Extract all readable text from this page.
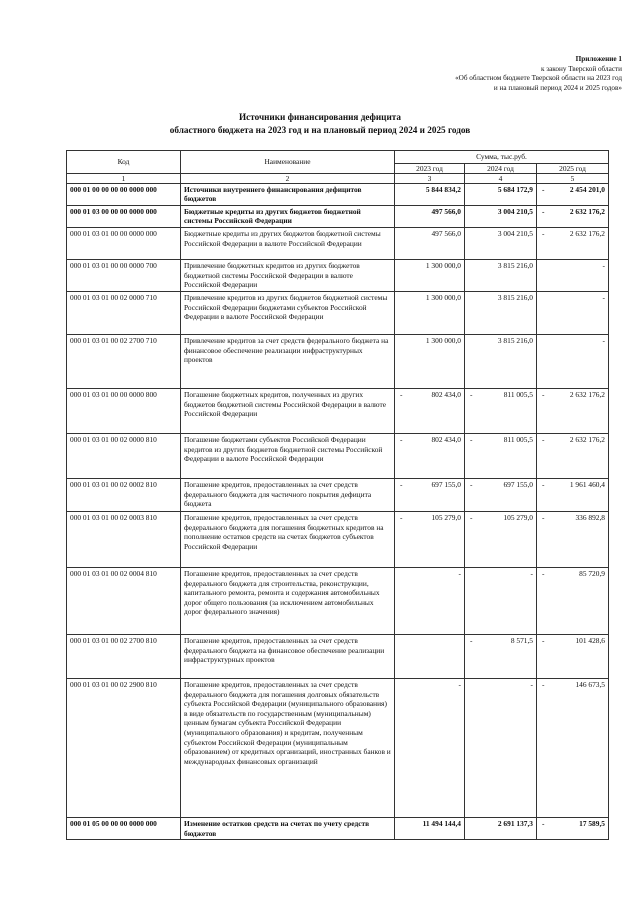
Приложение 1
к закону Тверской области
«Об областном бюджете Тверской области на 2023 год
и на плановый период 2024 и 2025 годов»
Источники финансирования дефицита
областного бюджета на 2023 год и на плановый период 2024 и 2025 годов
Код	Наименование	Сумма, тыс.руб.		
		2023 год	2024 год	2025 год
1	2	3	4	5
000 01 00 00 00 00 0000 000	Источники внутреннего финансирования дефицитов бюджетов	5 844 834,2	5 684 172,9	- 2 454 201,0
000 01 03 00 00 00 0000 000	Бюджетные кредиты из других бюджетов бюджетной системы Российской Федерации	497 566,0	3 004 210,5	- 2 632 176,2
000 01 03 01 00 00 0000 000	Бюджетные кредиты из других бюджетов бюджетной системы Российской Федерации в валюте Российской Федерации	497 566,0	3 004 210,5	- 2 632 176,2
000 01 03 01 00 00 0000 700	Привлечение бюджетных кредитов из других бюджетов бюджетной системы Российской Федерации в валюте Российской Федерации	1 300 000,0	3 815 216,0	-
000 01 03 01 00 02 0000 710	Привлечение кредитов из других бюджетов бюджетной системы Российской Федерации бюджетами субъектов Российской Федерации в валюте Российской Федерации	1 300 000,0	3 815 216,0	-
000 01 03 01 00 02 2700 710	Привлечение кредитов за счет средств федерального бюджета на финансовое обеспечение реализации инфраструктурных проектов	1 300 000,0	3 815 216,0	-
000 01 03 01 00 00 0000 800	Погашение бюджетных кредитов, полученных из других бюджетов бюджетной системы Российской Федерации в валюте Российской Федерации	- 802 434,0	- 811 005,5	- 2 632 176,2
000 01 03 01 00 02 0000 810	Погашение бюджетами субъектов Российской Федерации кредитов из других бюджетов бюджетной системы Российской Федерации в валюте Российской Федерации	- 802 434,0	- 811 005,5	- 2 632 176,2
000 01 03 01 00 02 0002 810	Погашение кредитов, предоставленных за счет средств федерального бюджета для частичного покрытия дефицита бюджета	- 697 155,0	- 697 155,0	- 1 961 460,4
000 01 03 01 00 02 0003 810	Погашение кредитов, предоставленных за счет средств федерального бюджета для погашения бюджетных кредитов на пополнение остатков средств на счетах бюджетов субъектов Российской Федерации	- 105 279,0	- 105 279,0	- 336 892,8
000 01 03 01 00 02 0004 810	Погашение кредитов, предоставленных за счет средств федерального бюджета для строительства, реконструкции, капитального ремонта, ремонта и содержания автомобильных дорог общего пользования (за исключением автомобильных дорог федерального значения)	-	-	- 85 720,9
000 01 03 01 00 02 2700 810	Погашение кредитов, предоставленных за счет средств федерального бюджета на финансовое обеспечение реализации инфраструктурных проектов		- 8 571,5	- 101 428,6
000 01 03 01 00 02 2900 810	Погашение кредитов, предоставленных за счет средств федерального бюджета для погашения долговых обязательств субъекта Российской Федерации (муниципального образования) в виде обязательств по государственным (муниципальным) ценным бумагам субъекта Российской Федерации (муниципального образования) и кредитам, полученным субъектом Российской Федерации (муниципальным образованием) от кредитных организаций, иностранных банков и международных финансовых организаций	-	-	- 146 673,5
000 01 05 00 00 00 0000 000	Изменение остатков средств на счетах по учету средств бюджетов	11 494 144,4	2 691 137,3	- 17 589,5
